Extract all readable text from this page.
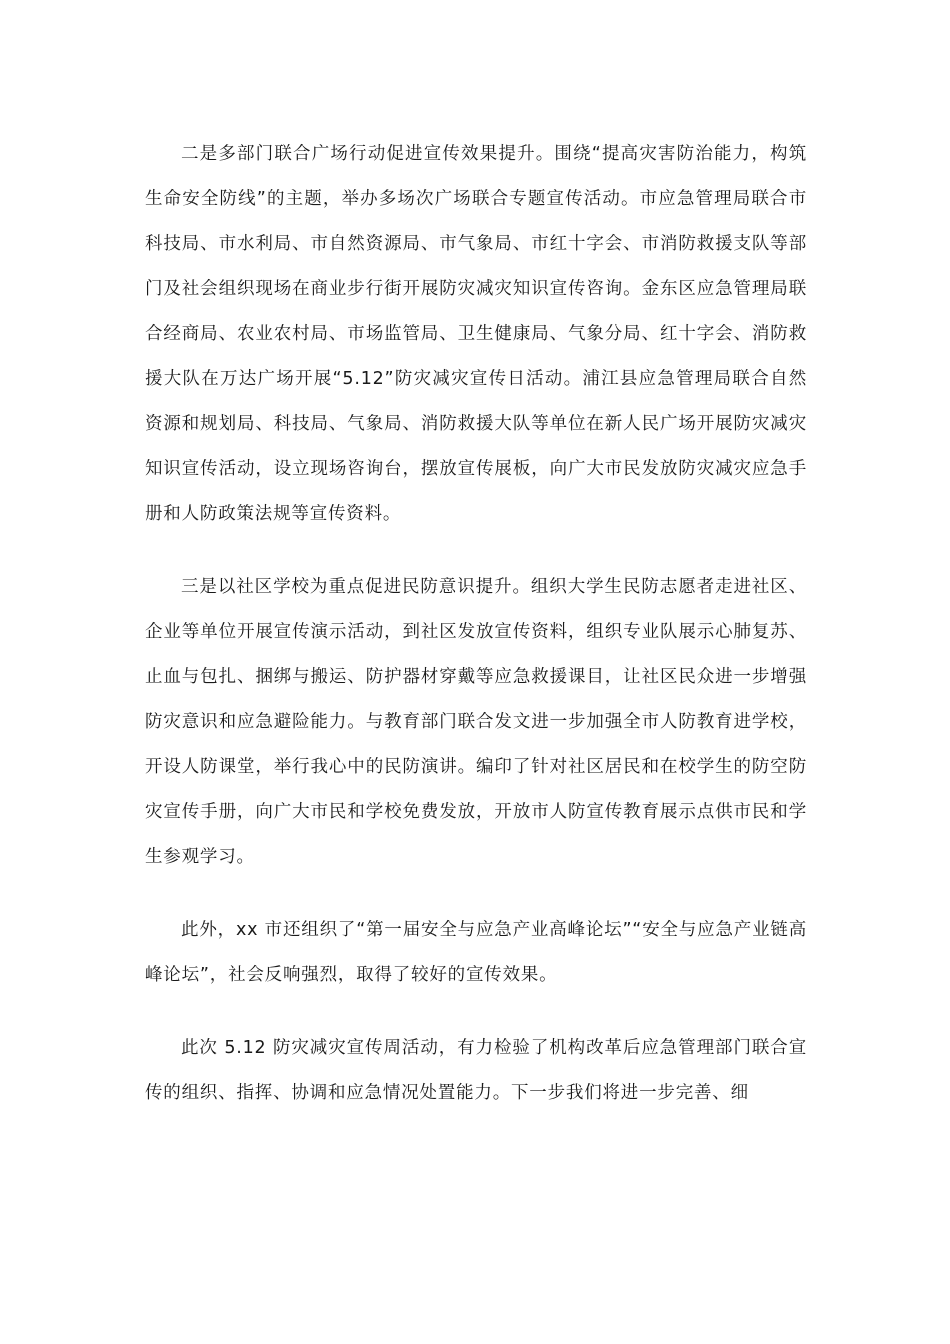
二是多部门联合广场行动促进宣传效果提升。围绕“提高灾害防治能力，构筑生命安全防线”的主题，举办多场次广场联合专题宣传活动。市应急管理局联合市科技局、市水利局、市自然资源局、市气象局、市红十字会、市消防救援支队等部门及社会组织现场在商业步行街开展防灾减灾知识宣传咨询。金东区应急管理局联合经商局、农业农村局、市场监管局、卫生健康局、气象分局、红十字会、消防救援大队在万达广场开展“5.12”防灾减灾宣传日活动。浦江县应急管理局联合自然资源和规划局、科技局、气象局、消防救援大队等单位在新人民广场开展防灾减灾知识宣传活动，设立现场咨询台，摆放宣传展板，向广大市民发放防灾减灾应急手册和人防政策法规等宣传资料。

三是以社区学校为重点促进民防意识提升。组织大学生民防志愿者走进社区、企业等单位开展宣传演示活动，到社区发放宣传资料，组织专业队展示心肺复苏、止血与包扎、捆绑与搬运、防护器材穿戴等应急救援课目，让社区民众进一步增强防灾意识和应急避险能力。与教育部门联合发文进一步加强全市人防教育进学校，开设人防课堂，举行我心中的民防演讲。编印了针对社区居民和在校学生的防空防灾宣传手册，向广大市民和学校免费发放，开放市人防宣传教育展示点供市民和学生参观学习。

此外，xx 市还组织了“第一届安全与应急产业高峰论坛”“安全与应急产业链高峰论坛”，社会反响强烈，取得了较好的宣传效果。

此次 5.12 防灾减灾宣传周活动，有力检验了机构改革后应急管理部门联合宣传的组织、指挥、协调和应急情况处置能力。下一步我们将进一步完善、细
